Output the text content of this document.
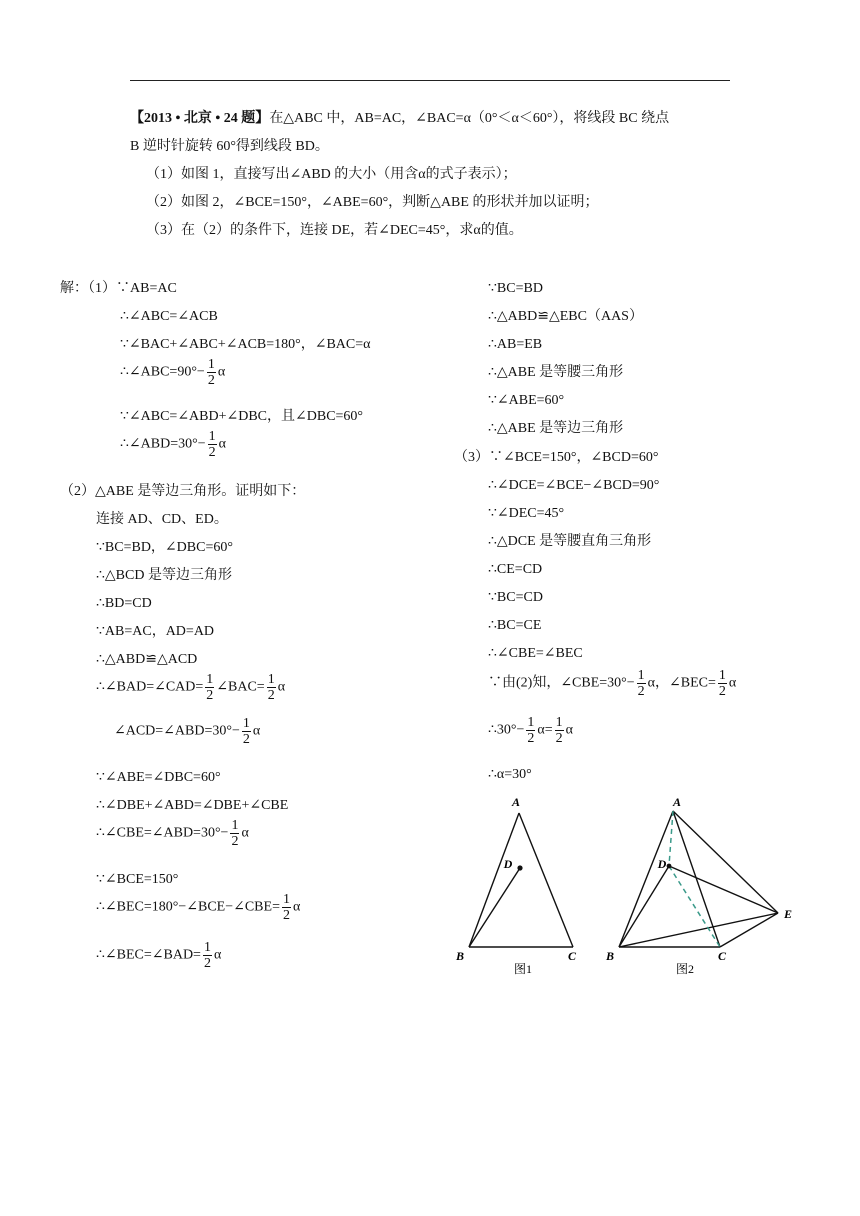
【2013 • 北京 • 24 题】在△ABC 中，AB=AC，∠BAC=α（0°＜α＜60°），将线段 BC 绕点
B 逆时针旋转 60°得到线段 BD。
（1）如图 1，直接写出∠ABD 的大小（用含α的式子表示）；
（2）如图 2，∠BCE=150°，∠ABE=60°，判断△ABE 的形状并加以证明；
（3）在（2）的条件下，连接 DE，若∠DEC=45°，求α的值。
解：（1）∵AB=AC
∴∠ABC=∠ACB
∵∠BAC+∠ABC+∠ACB=180°，∠BAC=α
∴∠ABC=90°− $\frac{1}{2}$ α
∵∠ABC=∠ABD+∠DBC，且∠DBC=60°
∴∠ABD=30°− $\frac{1}{2}$ α
（2）△ABE 是等边三角形。证明如下：
连接 AD、CD、ED。
∵BC=BD，∠DBC=60°
∴△BCD 是等边三角形
∴BD=CD
∵AB=AC，AD=AD
∴△ABD≌△ACD
∴∠BAD=∠CAD= $\frac{1}{2}$ ∠BAC= $\frac{1}{2}$ α
∠ACD=∠ABD=30°− $\frac{1}{2}$ α
∵∠ABE=∠DBC=60°
∴∠DBE+∠ABD=∠DBE+∠CBE
∴∠CBE=∠ABD=30°− $\frac{1}{2}$ α
∵∠BCE=150°
∴∠BEC=180°−∠BCE−∠CBE= $\frac{1}{2}$ α
∴∠BEC=∠BAD= $\frac{1}{2}$ α
∵BC=BD
∴△ABD≌△EBC（AAS）
∴AB=EB
∴△ABE 是等腰三角形
∵∠ABE=60°
∴△ABE 是等边三角形
（3）∵∠BCE=150°，∠BCD=60°
∴∠DCE=∠BCE−∠BCD=90°
∵∠DEC=45°
∴△DCE 是等腰直角三角形
∴CE=CD
∵BC=CD
∴BC=CE
∴∠CBE=∠BEC
∵由(2)知，∠CBE=30°− $\frac{1}{2}$ α，∠BEC= $\frac{1}{2}$ α
∴30°− $\frac{1}{2} \alpha= \frac{1}{2}$ α
∴α=30°
A
D
B	C
图1
A
D
B	C
E
图2
